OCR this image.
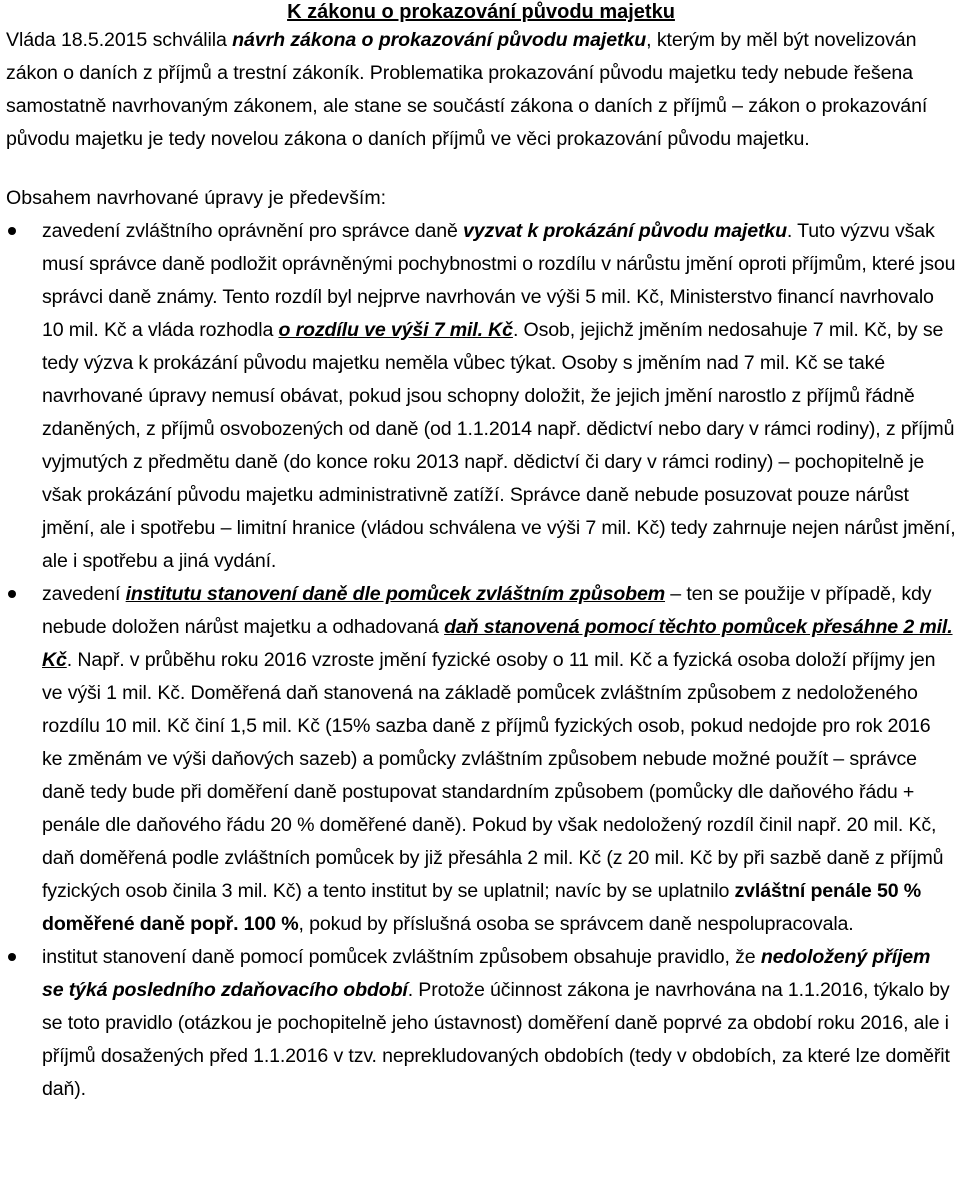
K zákonu o prokazování původu majetku

Vláda 18.5.2015 schválila návrh zákona o prokazování původu majetku, kterým by měl být novelizován zákon o daních z příjmů a trestní zákoník. Problematika prokazování původu majetku tedy nebude řešena samostatně navrhovaným zákonem, ale stane se součástí zákona o daních z příjmů – zákon o prokazování původu majetku je tedy novelou zákona o daních příjmů ve věci prokazování původu majetku.

Obsahem navrhované úpravy je především:

zavedení zvláštního oprávnění pro správce daně vyzvat k prokázání původu majetku. Tuto výzvu však musí správce daně podložit oprávněnými pochybnostmi o rozdílu v nárůstu jmění oproti příjmům, které jsou správci daně známy. Tento rozdíl byl nejprve navrhován ve výši 5 mil. Kč, Ministerstvo financí navrhovalo 10 mil. Kč a vláda rozhodla o rozdílu ve výši 7 mil. Kč. Osob, jejichž jměním nedosahuje 7 mil. Kč, by se tedy výzva k prokázání původu majetku neměla vůbec týkat. Osoby s jměním nad 7 mil. Kč se také navrhované úpravy nemusí obávat, pokud jsou schopny doložit, že jejich jmění narostlo z příjmů řádně zdaněných, z příjmů osvobozených od daně (od 1.1.2014 např. dědictví nebo dary v rámci rodiny), z příjmů vyjmutých z předmětu daně (do konce roku 2013 např. dědictví či dary v rámci rodiny) – pochopitelně je však prokázání původu majetku administrativně zatíží. Správce daně nebude posuzovat pouze nárůst jmění, ale i spotřebu – limitní hranice (vládou schválena ve výši 7 mil. Kč) tedy zahrnuje nejen nárůst jmění, ale i spotřebu a jiná vydání.
zavedení institutu stanovení daně dle pomůcek zvláštním způsobem – ten se použije v případě, kdy nebude doložen nárůst majetku a odhadovaná daň stanovená pomocí těchto pomůcek přesáhne 2 mil. Kč. Např. v průběhu roku 2016 vzroste jmění fyzické osoby o 11 mil. Kč a fyzická osoba doloží příjmy jen ve výši 1 mil. Kč. Doměřená daň stanovená na základě pomůcek zvláštním způsobem z nedoloženého rozdílu 10 mil. Kč činí 1,5 mil. Kč (15% sazba daně z příjmů fyzických osob, pokud nedojde pro rok 2016 ke změnám ve výši daňových sazeb) a pomůcky zvláštním způsobem nebude možné použít – správce daně tedy bude při doměření daně postupovat standardním způsobem (pomůcky dle daňového řádu + penále dle daňového řádu 20 % doměřené daně). Pokud by však nedoložený rozdíl činil např. 20 mil. Kč, daň doměřená podle zvláštních pomůcek by již přesáhla 2 mil. Kč (z 20 mil. Kč by při sazbě daně z příjmů fyzických osob činila 3 mil. Kč) a tento institut by se uplatnil; navíc by se uplatnilo zvláštní penále 50 % doměřené daně popř. 100 %, pokud by příslušná osoba se správcem daně nespolupracovala.
institut stanovení daně pomocí pomůcek zvláštním způsobem obsahuje pravidlo, že nedoložený příjem se týká posledního zdaňovacího období. Protože účinnost zákona je navrhována na 1.1.2016, týkalo by se toto pravidlo (otázkou je pochopitelně jeho ústavnost) doměření daně poprvé za období roku 2016, ale i příjmů dosažených před 1.1.2016 v tzv. neprekludovaných obdobích (tedy v obdobích, za které lze doměřit daň).
